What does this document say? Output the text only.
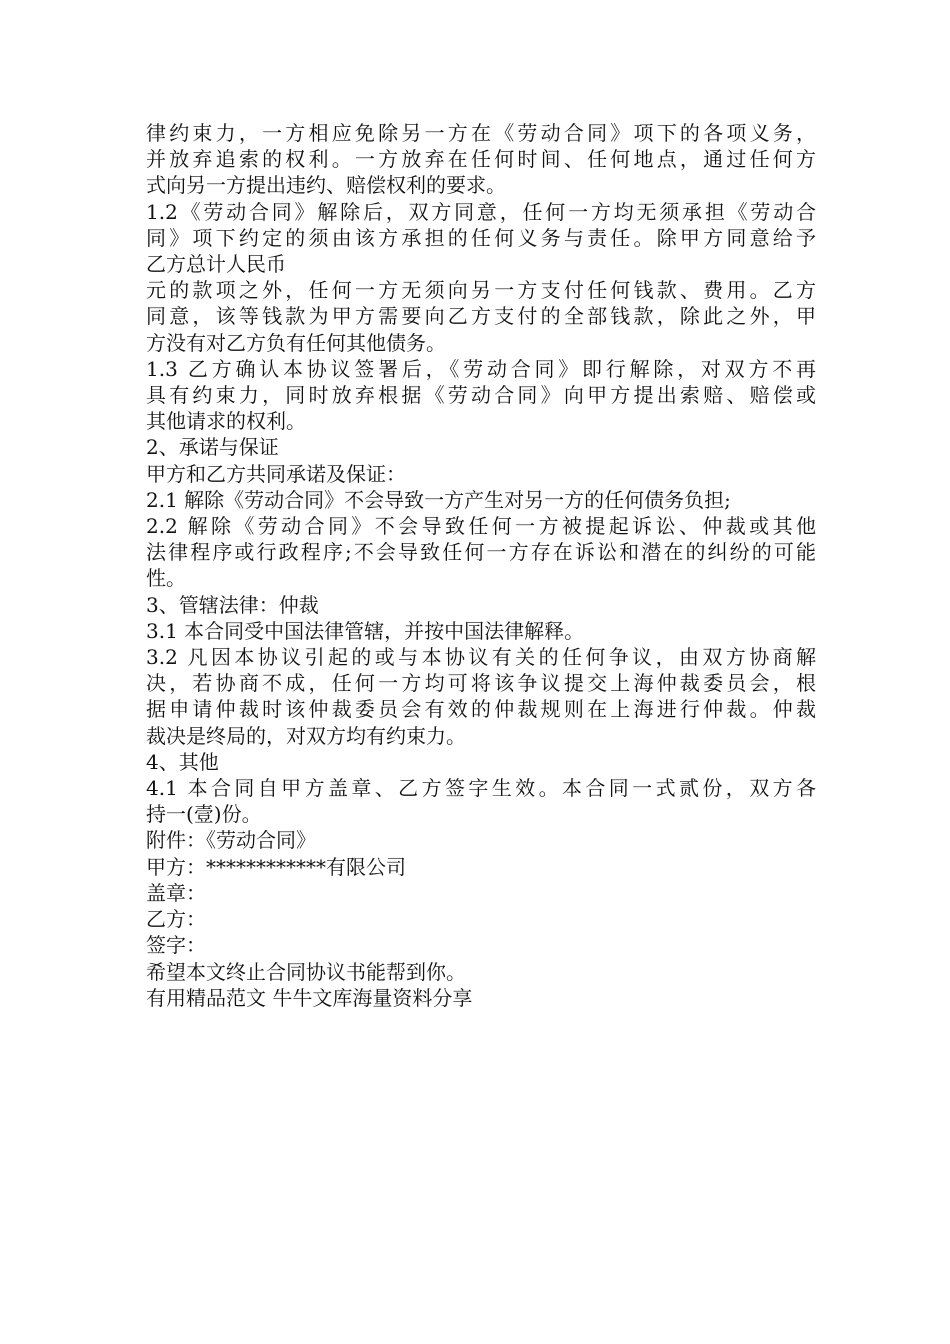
律约束力，一方相应免除另一方在《劳动合同》项下的各项义务，
并放弃追索的权利。一方放弃在任何时间、任何地点，通过任何方
式向另一方提出违约、赔偿权利的要求。
1.2《劳动合同》解除后，双方同意，任何一方均无须承担《劳动合
同》项下约定的须由该方承担的任何义务与责任。除甲方同意给予
乙方总计人民币
元的款项之外，任何一方无须向另一方支付任何钱款、费用。乙方
同意，该等钱款为甲方需要向乙方支付的全部钱款，除此之外，甲
方没有对乙方负有任何其他债务。
1.3 乙方确认本协议签署后，《劳动合同》即行解除，对双方不再
具有约束力，同时放弃根据《劳动合同》向甲方提出索赔、赔偿或
其他请求的权利。
2、承诺与保证
甲方和乙方共同承诺及保证：
2.1 解除《劳动合同》不会导致一方产生对另一方的任何债务负担;
2.2 解除《劳动合同》不会导致任何一方被提起诉讼、仲裁或其他
法律程序或行政程序;不会导致任何一方存在诉讼和潜在的纠纷的可能
性。
3、管辖法律：仲裁
3.1 本合同受中国法律管辖，并按中国法律解释。
3.2 凡因本协议引起的或与本协议有关的任何争议，由双方协商解
决，若协商不成，任何一方均可将该争议提交上海仲裁委员会，根
据申请仲裁时该仲裁委员会有效的仲裁规则在上海进行仲裁。仲裁
裁决是终局的，对双方均有约束力。
4、其他
4.1 本合同自甲方盖章、乙方签字生效。本合同一式贰份，双方各
持一(壹)份。
附件：《劳动合同》
甲方：************有限公司
盖章：
乙方：
签字：
希望本文终止合同协议书能帮到你。
有用精品范文 牛牛文库海量资料分享
